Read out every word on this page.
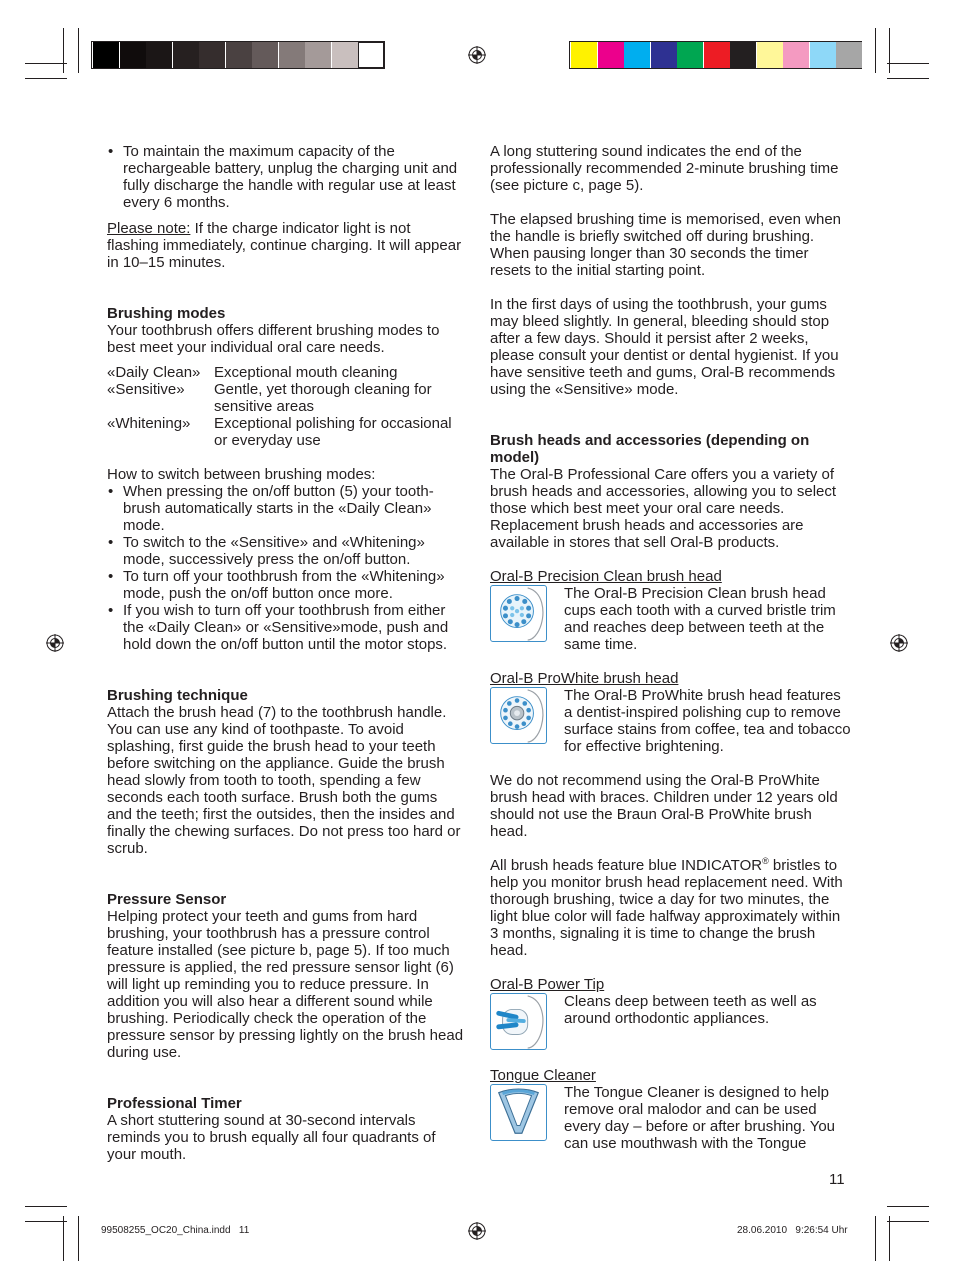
• To maintain the maximum capacity of the rechargeable battery, unplug the charging unit and fully discharge the handle with regular use at least every 6 months.

Please note: If the charge indicator light is not flashing immediately, continue charging. It will appear in 10–15 minutes.

Brushing modes

Your toothbrush offers different brushing modes to best meet your individual oral care needs.

«Daily Clean» Exceptional mouth cleaning
«Sensitive»	Gentle, yet thorough cleaning for sensitive areas
«Whitening»	Exceptional polishing for occasional or everyday use

How to switch between brushing modes:

• When pressing the on/off button (5) your tooth-brush automatically starts in the «Daily Clean» mode.
• To switch to the «Sensitive» and «Whitening» mode, successively press the on/off button.
• To turn off your toothbrush from the «Whitening» mode, push the on/off button once more.
• If you wish to turn off your toothbrush from either the «Daily Clean» or «Sensitive»mode, push and hold down the on/off button until the motor stops.

Brushing technique

Attach the brush head (7) to the toothbrush handle. You can use any kind of toothpaste. To avoid splashing, first guide the brush head to your teeth before switching on the appliance. Guide the brush head slowly from tooth to tooth, spending a few seconds each tooth surface. Brush both the gums and the teeth; first the outsides, then the insides and finally the chewing surfaces. Do not press too hard or scrub.

Pressure Sensor

Helping protect your teeth and gums from hard brushing, your toothbrush has a pressure control feature installed (see picture b, page 5). If too much pressure is applied, the red pressure sensor light (6) will light up reminding you to reduce pressure. In addition you will also hear a different sound while brushing. Periodically check the operation of the pressure sensor by pressing lightly on the brush head during use.

Professional Timer

A short stuttering sound at 30-second intervals reminds you to brush equally all four quadrants of your mouth.

A long stuttering sound indicates the end of the professionally recommended 2-minute brushing time (see picture c, page 5).

The elapsed brushing time is memorised, even when the handle is briefly switched off during brushing. When pausing longer than 30 seconds the timer resets to the initial starting point.

In the first days of using the toothbrush, your gums may bleed slightly. In general, bleeding should stop after a few days. Should it persist after 2 weeks, please consult your dentist or dental hygienist. If you have sensitive teeth and gums, Oral-B recommends using the «Sensitive» mode.

Brush heads and accessories (depending on model)

The Oral-B Professional Care offers you a variety of brush heads and accessories, allowing you to select those which best meet your oral care needs. Replacement brush heads and accessories are available in stores that sell Oral-B products.

Oral-B Precision Clean brush head

The Oral-B Precision Clean brush head cups each tooth with a curved bristle trim and reaches deep between teeth at the same time.

Oral-B ProWhite brush head

The Oral-B ProWhite brush head features a dentist-inspired polishing cup to remove surface stains from coffee, tea and tobacco for effective brightening.

We do not recommend using the Oral-B ProWhite brush head with braces. Children under 12 years old should not use the Braun Oral-B ProWhite brush head.

All brush heads feature blue INDICATOR® bristles to help you monitor brush head replacement need. With thorough brushing, twice a day for two minutes, the light blue color will fade halfway approximately within 3 months, signaling it is time to change the brush head.

Oral-B Power Tip

Cleans deep between teeth as well as around orthodontic appliances.

Tongue Cleaner

The Tongue Cleaner is designed to help remove oral malodor and can be used every day – before or after brushing. You can use mouthwash with the Tongue

11
99508255_OC20_China.indd   11	28.06.2010   9:26:54 Uhr
